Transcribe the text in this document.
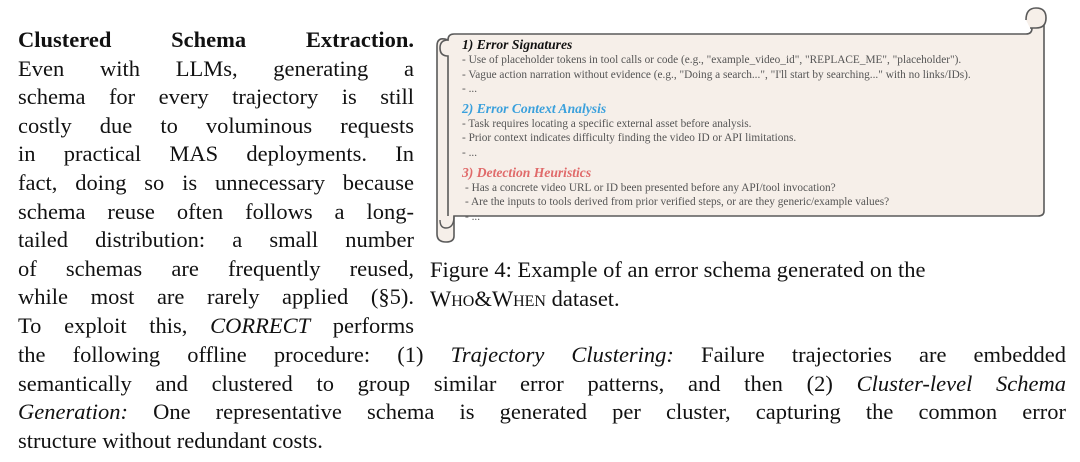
Clustered Schema Extraction.
Even with LLMs, generating a
schema for every trajectory is still
costly due to voluminous requests
in practical MAS deployments. In
fact, doing so is unnecessary because
schema reuse often follows a long-
tailed distribution: a small number
of schemas are frequently reused,
while most are rarely applied (§5).
To exploit this, CORRECT performs
1) Error Signatures
- Use of placeholder tokens in tool calls or code (e.g., "example_video_id", "REPLACE_ME", "placeholder").
- Vague action narration without evidence (e.g., "Doing a search...", "I'll start by searching..." with no links/IDs).
- ...
2) Error Context Analysis
- Task requires locating a specific external asset before analysis.
- Prior context indicates difficulty finding the video ID or API limitations.
- ...
3) Detection Heuristics
- Has a concrete video URL or ID been presented before any API/tool invocation?
- Are the inputs to tools derived from prior verified steps, or are they generic/example values?
- ...
Figure 4: Example of an error schema generated on the
Who&When dataset.
the following offline procedure: (1) Trajectory Clustering: Failure trajectories are embedded
semantically and clustered to group similar error patterns, and then (2) Cluster-level Schema
Generation: One representative schema is generated per cluster, capturing the common error
structure without redundant costs.
